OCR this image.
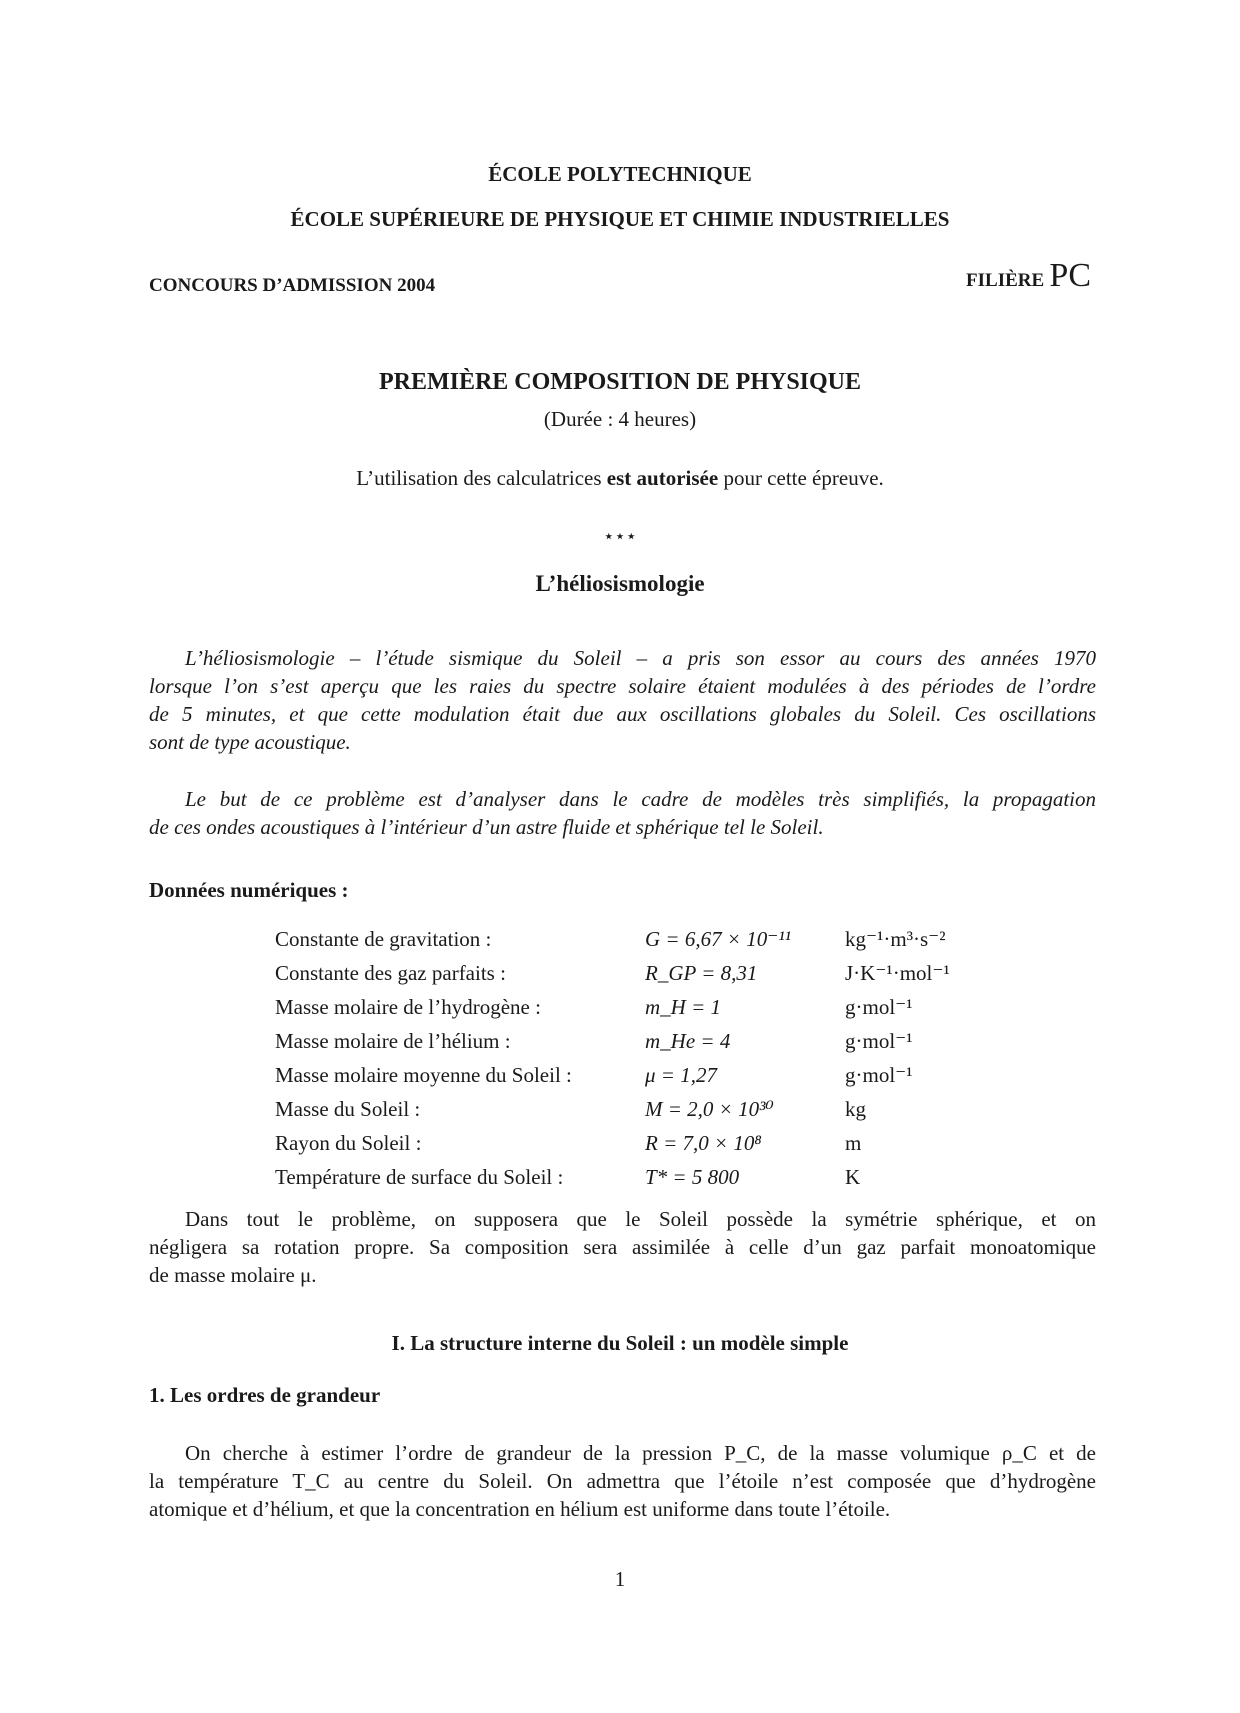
ÉCOLE POLYTECHNIQUE
ÉCOLE SUPÉRIEURE DE PHYSIQUE ET CHIMIE INDUSTRIELLES
CONCOURS D’ADMISSION 2004	FILIÈRE PC
PREMIÈRE COMPOSITION DE PHYSIQUE
(Durée : 4 heures)
L’utilisation des calculatrices est autorisée pour cette épreuve.
⋆⋆⋆
L’héliosismologie
L’héliosismologie – l’étude sismique du Soleil – a pris son essor au cours des années 1970
lorsque l’on s’est aperçu que les raies du spectre solaire étaient modulées à des périodes de l’ordre
de 5 minutes, et que cette modulation était due aux oscillations globales du Soleil. Ces oscillations
sont de type acoustique.
Le but de ce problème est d’analyser dans le cadre de modèles très simplifiés, la propagation
de ces ondes acoustiques à l’intérieur d’un astre fluide et sphérique tel le Soleil.
Données numériques :
Constante de gravitation :	G = 6,67 × 10⁻¹¹	kg⁻¹·m³·s⁻²
Constante des gaz parfaits :	R_GP = 8,31	J·K⁻¹·mol⁻¹
Masse molaire de l’hydrogène :	m_H = 1	g·mol⁻¹
Masse molaire de l’hélium :	m_He = 4	g·mol⁻¹
Masse molaire moyenne du Soleil :	μ = 1,27	g·mol⁻¹
Masse du Soleil :	M = 2,0 × 10³⁰	kg
Rayon du Soleil :	R = 7,0 × 10⁸	m
Température de surface du Soleil :	T* = 5 800	K
Dans tout le problème, on supposera que le Soleil possède la symétrie sphérique, et on
négligera sa rotation propre. Sa composition sera assimilée à celle d’un gaz parfait monoatomique
de masse molaire μ.
I. La structure interne du Soleil : un modèle simple
1. Les ordres de grandeur
On cherche à estimer l’ordre de grandeur de la pression P_C, de la masse volumique ρ_C et de
la température T_C au centre du Soleil. On admettra que l’étoile n’est composée que d’hydrogène
atomique et d’hélium, et que la concentration en hélium est uniforme dans toute l’étoile.
1
